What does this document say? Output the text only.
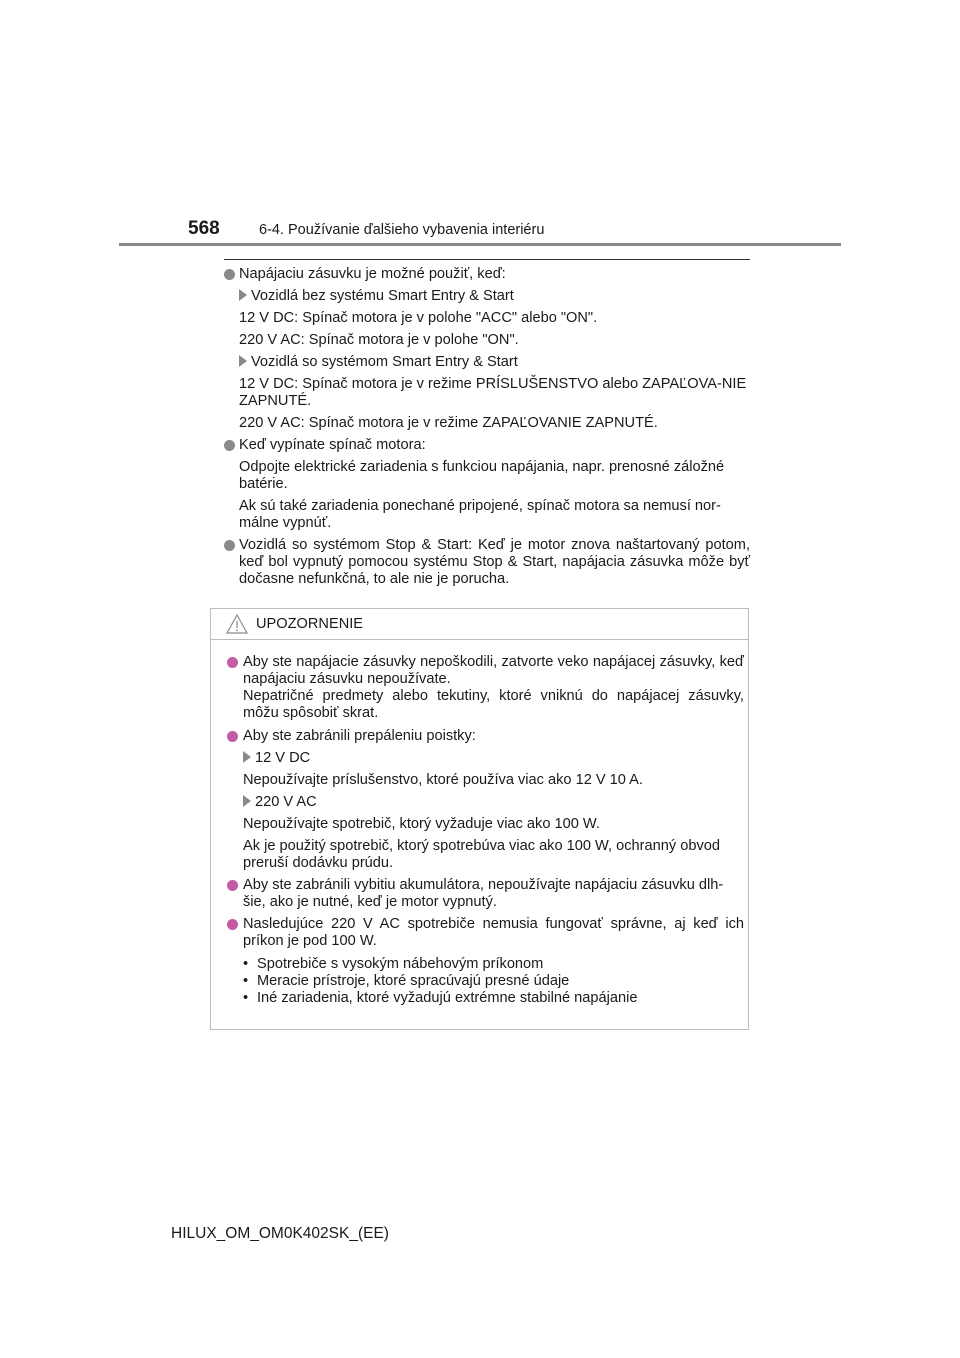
568	6-4. Používanie ďalšieho vybavenia interiéru
Napájaciu zásuvku je možné použiť, keď:
Vozidlá bez systému Smart Entry & Start
12 V DC: Spínač motora je v polohe "ACC" alebo "ON".
220 V AC: Spínač motora je v polohe "ON".
Vozidlá so systémom Smart Entry & Start
12 V DC: Spínač motora je v režime PRÍSLUŠENSTVO alebo ZAPAĽOVA-NIE ZAPNUTÉ.
220 V AC: Spínač motora je v režime ZAPAĽOVANIE ZAPNUTÉ.
Keď vypínate spínač motora:
Odpojte elektrické zariadenia s funkciou napájania, napr. prenosné záložné batérie.
Ak sú také zariadenia ponechané pripojené, spínač motora sa nemusí nor-málne vypnúť.
Vozidlá so systémom Stop & Start: Keď je motor znova naštartovaný potom, keď bol vypnutý pomocou systému Stop & Start, napájacia zásuvka môže byť dočasne nefunkčná, to ale nie je porucha.
UPOZORNENIE
Aby ste napájacie zásuvky nepoškodili, zatvorte veko napájacej zásuvky, keď napájaciu zásuvku nepoužívate.
Nepatričné predmety alebo tekutiny, ktoré vniknú do napájacej zásuvky, môžu spôsobiť skrat.
Aby ste zabránili prepáleniu poistky:
12 V DC
Nepoužívajte príslušenstvo, ktoré používa viac ako 12 V 10 A.
220 V AC
Nepoužívajte spotrebič, ktorý vyžaduje viac ako 100 W.
Ak je použitý spotrebič, ktorý spotrebúva viac ako 100 W, ochranný obvod preruší dodávku prúdu.
Aby ste zabránili vybitiu akumulátora, nepoužívajte napájaciu zásuvku dlh-šie, ako je nutné, keď je motor vypnutý.
Nasledujúce 220 V AC spotrebiče nemusia fungovať správne, aj keď ich príkon je pod 100 W.
• Spotrebiče s vysokým nábehovým príkonom
• Meracie prístroje, ktoré spracúvajú presné údaje
• Iné zariadenia, ktoré vyžadujú extrémne stabilné napájanie
HILUX_OM_OM0K402SK_(EE)
